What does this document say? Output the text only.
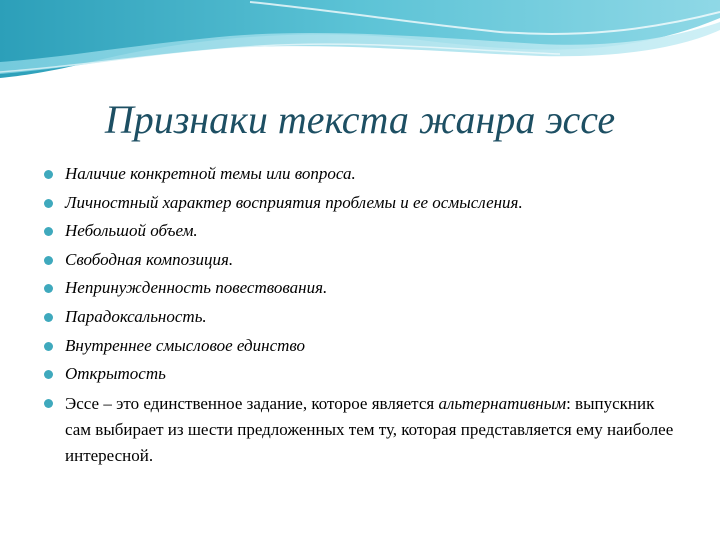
Признаки текста жанра эссе
Наличие конкретной темы или вопроса.
Личностный характер восприятия проблемы и ее осмысления.
Небольшой объем.
Свободная композиция.
Непринужденность повествования.
Парадоксальность.
Внутреннее смысловое единство
Открытость
Эссе – это единственное задание, которое является альтернативным: выпускник сам выбирает из шести предложенных тем ту, которая представляется ему наиболее интересной.
